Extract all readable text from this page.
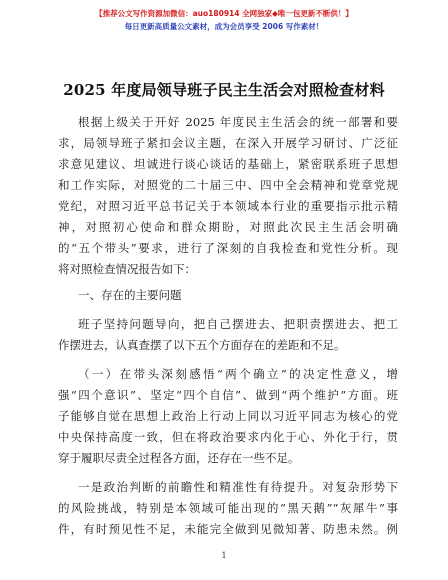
【推荐公文写作资源加微信：auo180914 全网独家◆唯一包更新不断供！】
每日更新高质量公文素材，成为会员享受 2006 写作素材！
2025 年度局领导班子民主生活会对照检查材料
根据上级关于开好 2025 年度民主生活会的统一部署和要
求，局领导班子紧扣会议主题，在深入开展学习研讨、广泛征
求意见建议、坦诚进行谈心谈话的基础上，紧密联系班子思想
和工作实际，对照党的二十届三中、四中全会精神和党章党规
党纪，对照习近平总书记关于本领域本行业的重要指示批示精
神，对照初心使命和群众期盼，对照此次民主生活会明确
的“五个带头”要求，进行了深刻的自我检查和党性分析。现
将对照检查情况报告如下：
一、存在的主要问题
班子坚持问题导向，把自己摆进去、把职责摆进去、把工
作摆进去，认真查摆了以下五个方面存在的差距和不足。
（一）在带头深刻感悟“两个确立”的决定性意义，增
强“四个意识”、坚定“四个自信”、做到“两个维护”方面。班
子能够自觉在思想上政治上行动上同以习近平同志为核心的党
中央保持高度一致，但在将政治要求内化于心、外化于行，贯
穿于履职尽责全过程各方面，还存在一些不足。
一是政治判断的前瞻性和精准性有待提升。对复杂形势下
的风险挑战，特别是本领域可能出现的“黑天鹅”“灰犀牛”事
件，有时预见性不足，未能完全做到见微知著、防患未然。例
1
